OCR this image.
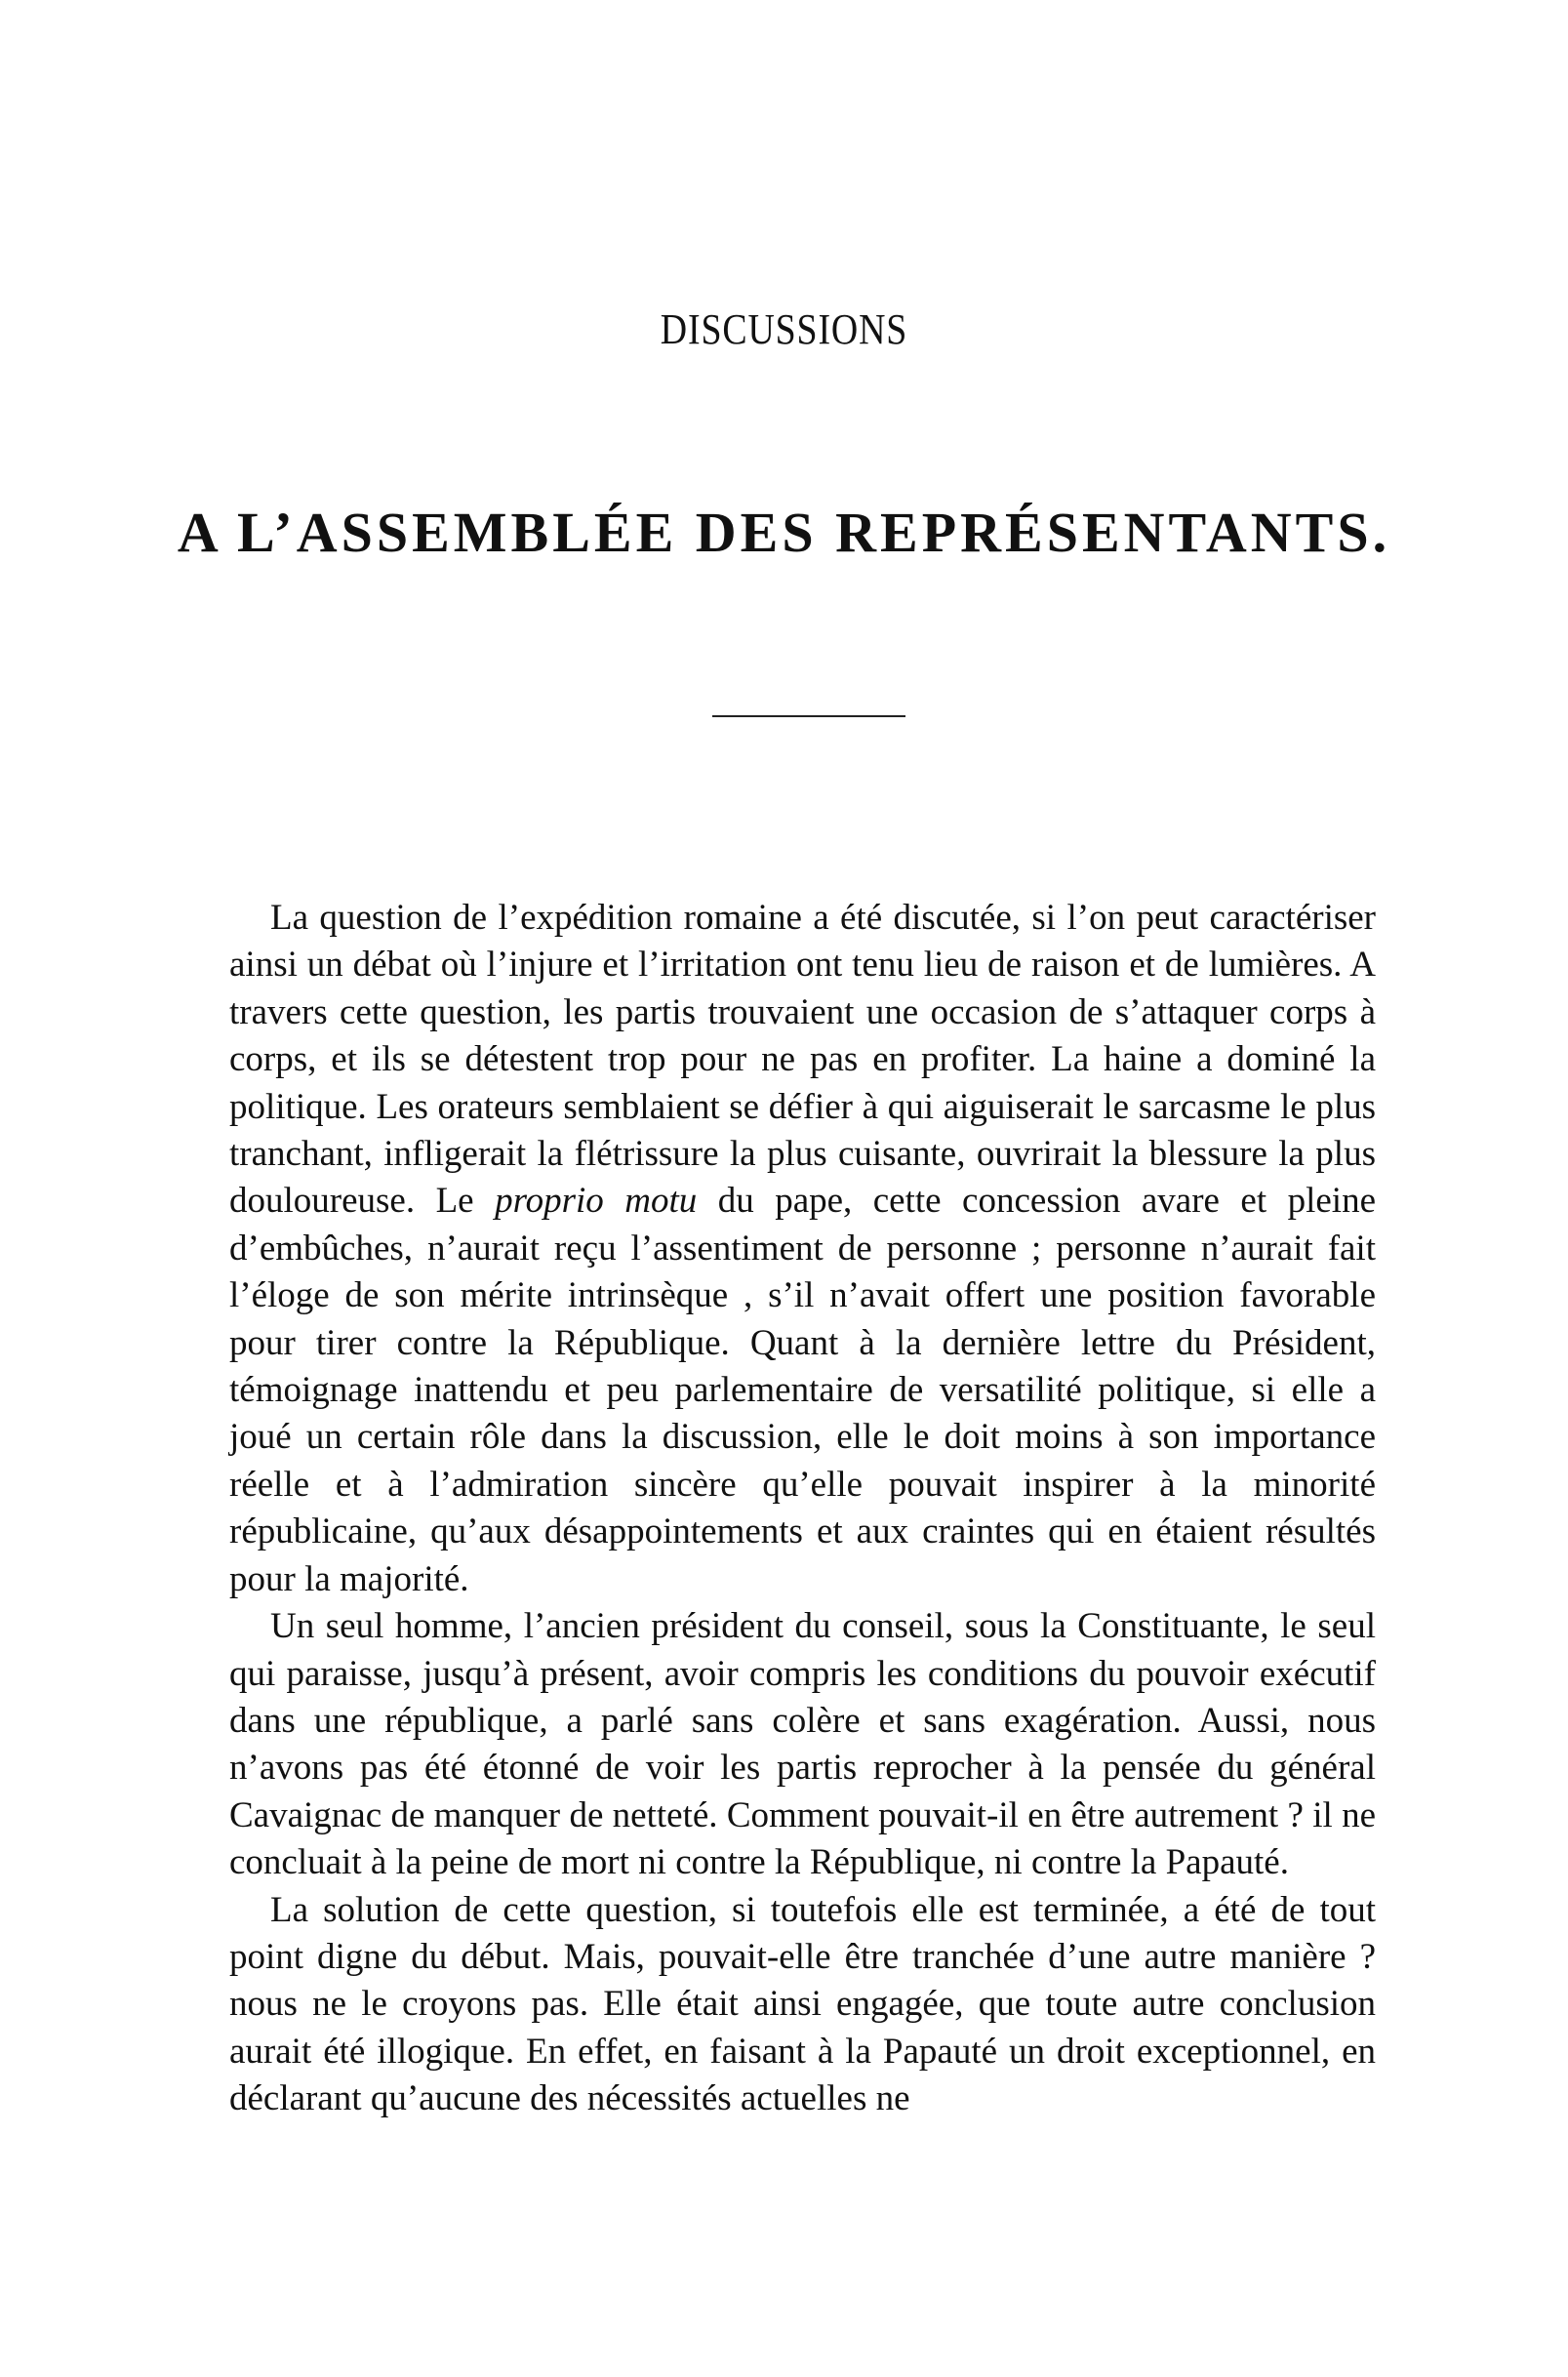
DISCUSSIONS
A L’ASSEMBLÉE DES REPRÉSENTANTS.

La question de l’expédition romaine a été discutée, si l’on peut caractériser ainsi un débat où l’injure et l’irritation ont tenu lieu de raison et de lumières. A travers cette question, les partis trouvaient une occasion de s’attaquer corps à corps, et ils se détestent trop pour ne pas en profiter. La haine a dominé la politique. Les orateurs semblaient se défier à qui aiguiserait le sarcasme le plus tranchant, infligerait la flétrissure la plus cuisante, ouvrirait la blessure la plus douloureuse. Le proprio motu du pape, cette concession avare et pleine d’embûches, n’aurait reçu l’assentiment de personne ; personne n’aurait fait l’éloge de son mérite intrinsèque , s’il n’avait offert une position favorable pour tirer contre la République. Quant à la dernière lettre du Président, témoignage inattendu et peu parlementaire de versatilité politique, si elle a joué un certain rôle dans la discussion, elle le doit moins à son importance réelle et à l’admiration sincère qu’elle pouvait inspirer à la minorité républicaine, qu’aux désappointements et aux craintes qui en étaient résultés pour la majorité.

Un seul homme, l’ancien président du conseil, sous la Constituante, le seul qui paraisse, jusqu’à présent, avoir compris les conditions du pouvoir exécutif dans une république, a parlé sans colère et sans exagération. Aussi, nous n’avons pas été étonné de voir les partis reprocher à la pensée du général Cavaignac de manquer de netteté. Comment pouvait-il en être autrement ? il ne concluait à la peine de mort ni contre la République, ni contre la Papauté.

La solution de cette question, si toutefois elle est terminée, a été de tout point digne du début. Mais, pouvait-elle être tranchée d’une autre manière ? nous ne le croyons pas. Elle était ainsi engagée, que toute autre conclusion aurait été illogique. En effet, en faisant à la Papauté un droit exceptionnel, en déclarant qu’aucune des nécessités actuelles ne
